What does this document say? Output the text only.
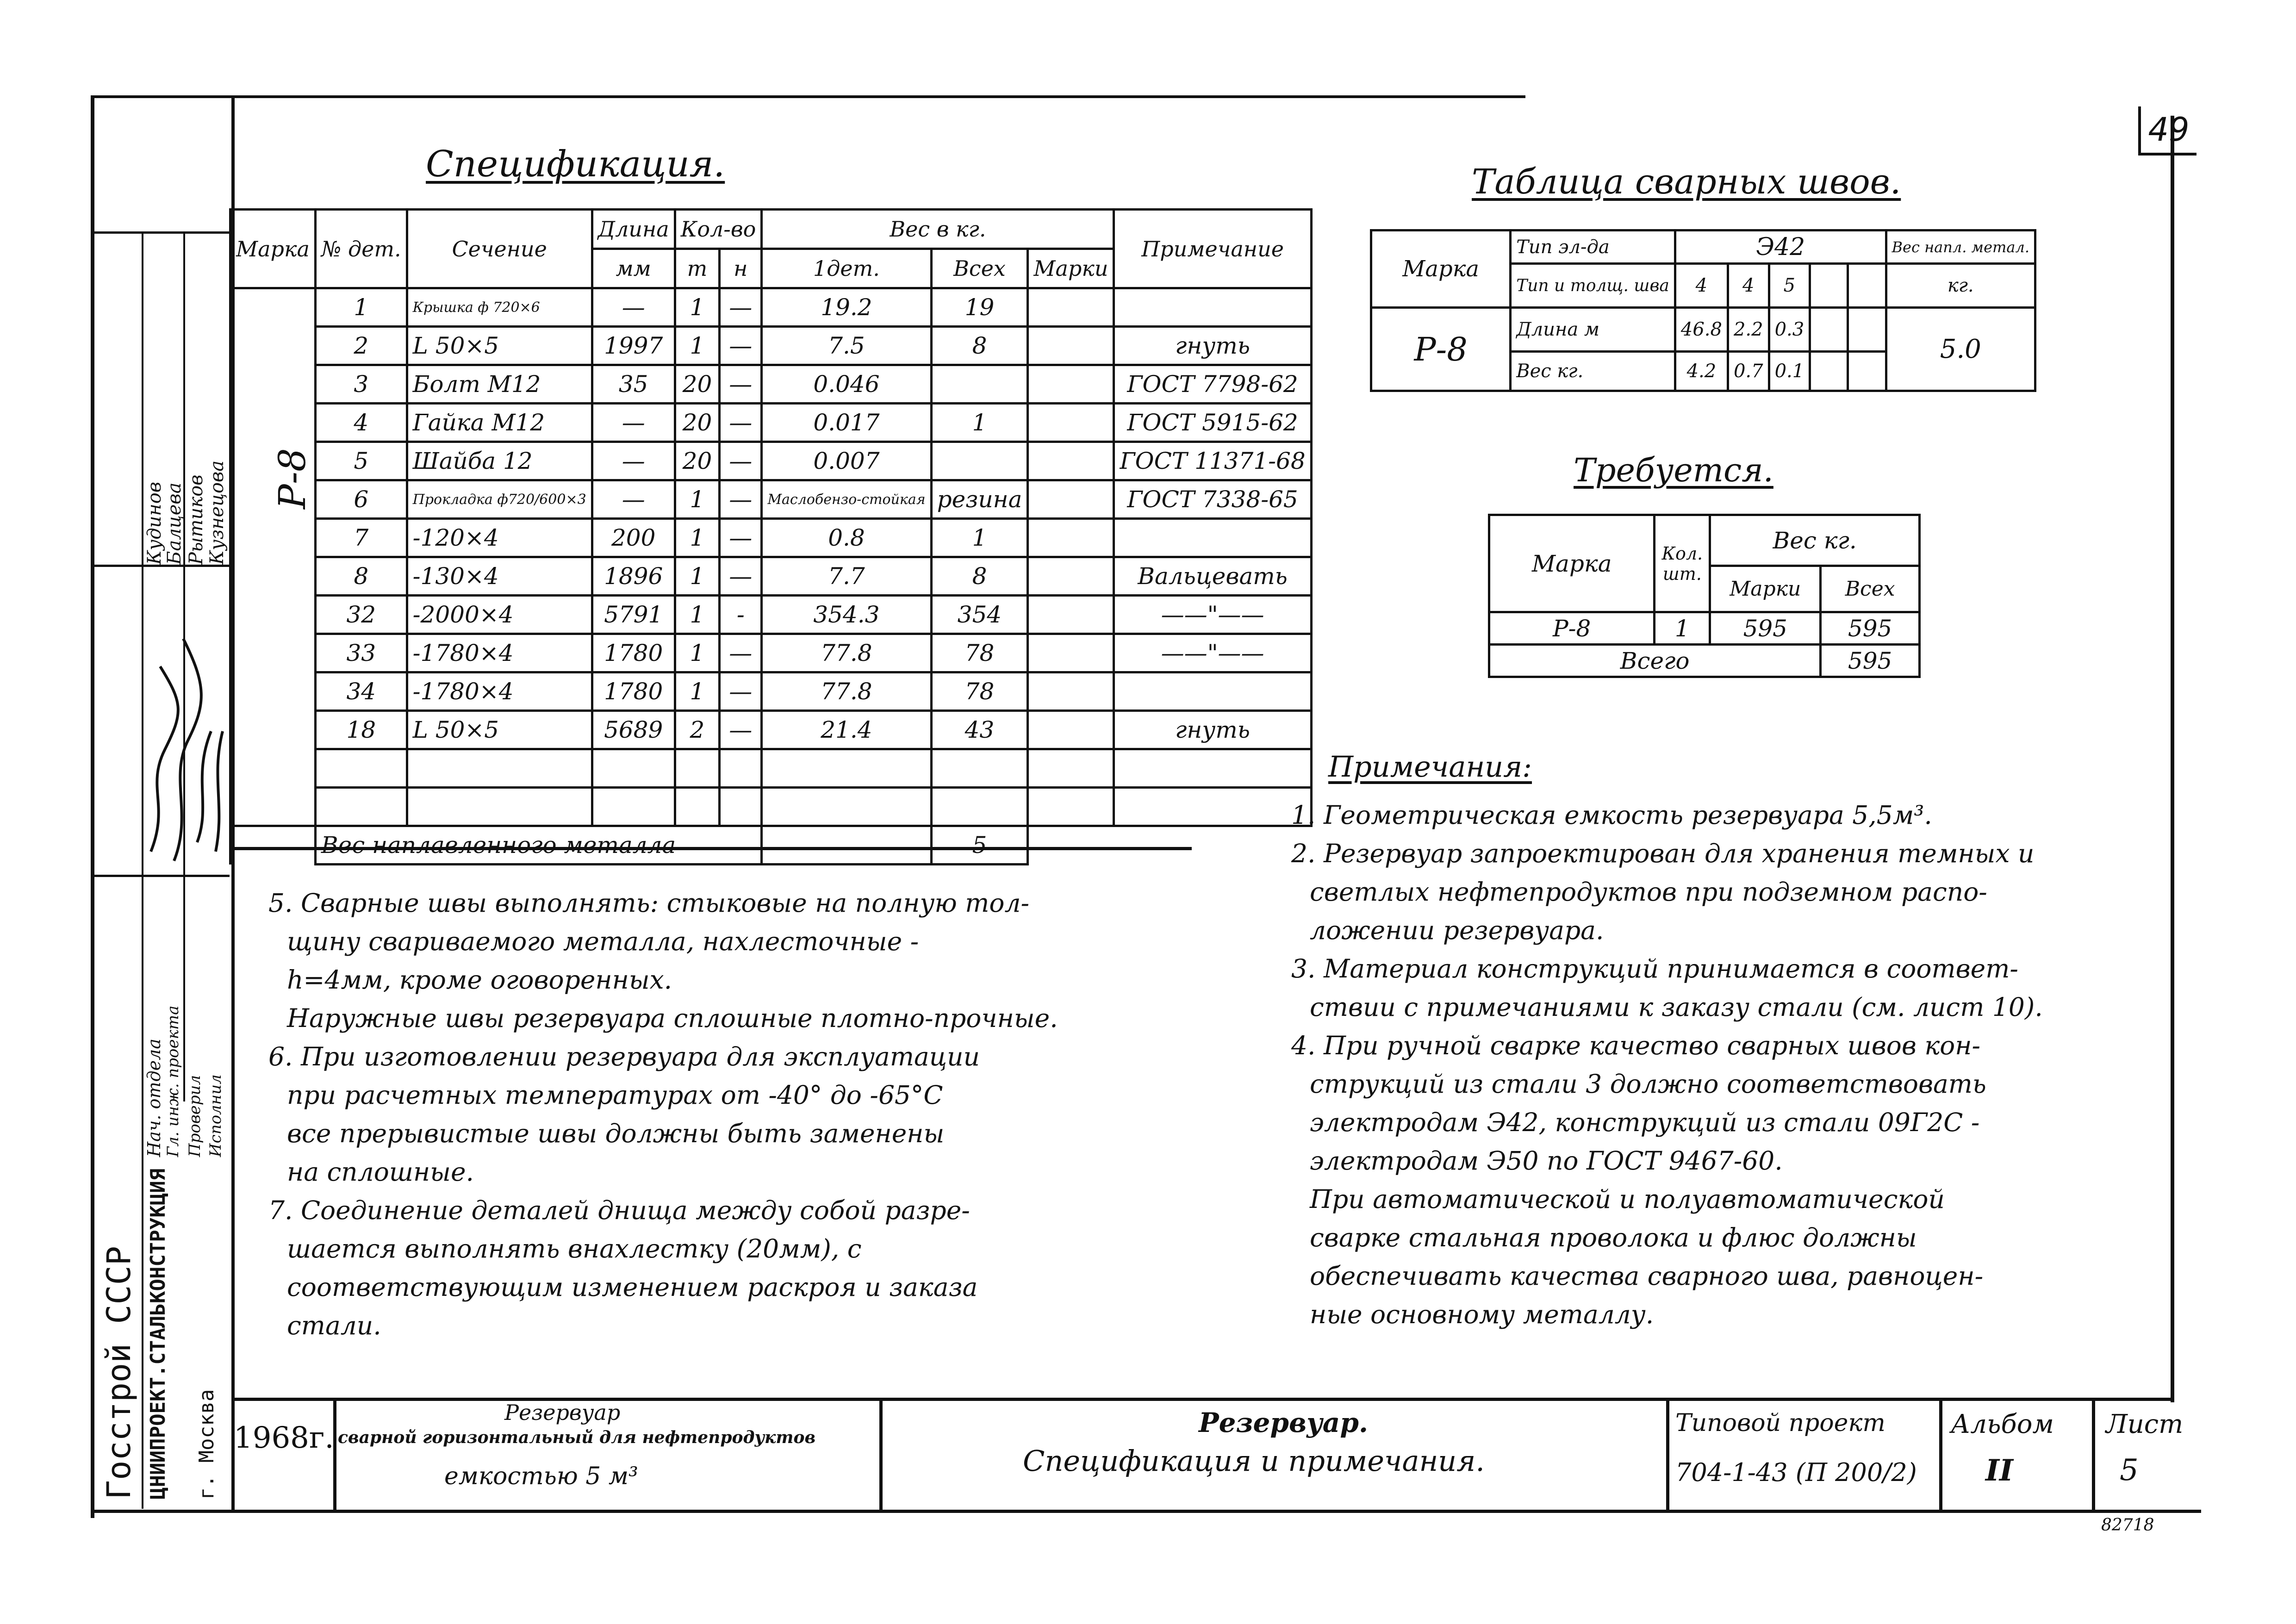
49
Госстрой СССР ЦНИИПРОЕКТ.СТАЛЬКОНСТРУКЦИЯ г. Москва
Нач. отдела Гл. инж. проекта Проверил Исполнил
Кудинов
Балцева Рытиков Кузнецова
Спецификация.
Марка	№ дет.	Сечение	Длина	Кол-во		Вес в кг.			Примечание
			мм	т	н	1дет.	Всех	Марки	
	1	Крышка ф 720×6	—	1	—	19.2	19		
	2	L 50×5	1997	1	—	7.5	8		гнуть
	3	Болт М12	35	20	—	0.046			ГОСТ 7798-62
	4	Гайка М12	—	20	—	0.017	1		ГОСТ 5915-62
	5	Шайба 12	—	20	—	0.007			ГОСТ 11371-68
	6	Прокладка ф720/600×3	—	1	—	Маслобензо-стойкая	резина		ГОСТ 7338-65
	7	-120×4	200	1	—	0.8	1		
	8	-130×4	1896	1	—	7.7	8		Вальцевать
	32	-2000×4	5791	1	-	354.3	354		——"——
	33	-1780×4	1780	1	—	77.8	78		——"——
	34	-1780×4	1780	1	—	77.8	78		
	18	L 50×5	5689	2	—	21.4	43		гнуть

	Вес наплавленного металла						5		
Р-8
Таблица сварных швов.
Марка	Тип эл-да	Э42					Вес напл. метал.
	Тип и толщ. шва	4	4	5			кг.
Р-8	Длина м	46.8	2.2	0.3			5.0
	Вес кг.	4.2	0.7	0.1			
Требуется.
Марка	Кол. шт.	Вес кг.	
		Марки	Всех
Р-8	1	595	595
Всего			595
Примечания:
1. Геометрическая емкость резервуара 5,5м³.
2. Резервуар запроектирован для хранения темных и
светлых нефтепродуктов при подземном распо-
ложении резервуара.
3. Материал конструкций принимается в соответ-
ствии с примечаниями к заказу стали (см. лист 10).
4. При ручной сварке качество сварных швов кон-
струкций из стали 3 должно соответствовать
электродам Э42, конструкций из стали 09Г2С -
электродам Э50 по ГОСТ 9467-60.
При автоматической и полуавтоматической
сварке стальная проволока и флюс должны
обеспечивать качества сварного шва, равноцен-
ные основному металлу.
5. Сварные швы выполнять: стыковые на полную тол-
щину свариваемого металла, нахлесточные -
h=4мм, кроме оговоренных.
Наружные швы резервуара сплошные плотно-прочные.
6. При изготовлении резервуара для эксплуатации
при расчетных температурах от -40° до -65°С
все прерывистые швы должны быть заменены
на сплошные.
7. Соединение деталей днища между собой разре-
шается выполнять внахлестку (20мм), с
соответствующим изменением раскроя и заказа
стали.
1968г.
Резервуар
сварной горизонтальный для нефтепродуктов
емкостью 5 м³
Резервуар.
Спецификация и примечания.
Типовой проект
704-1-43 (П 200/2)
Альбом
II
Лист
5
82718
